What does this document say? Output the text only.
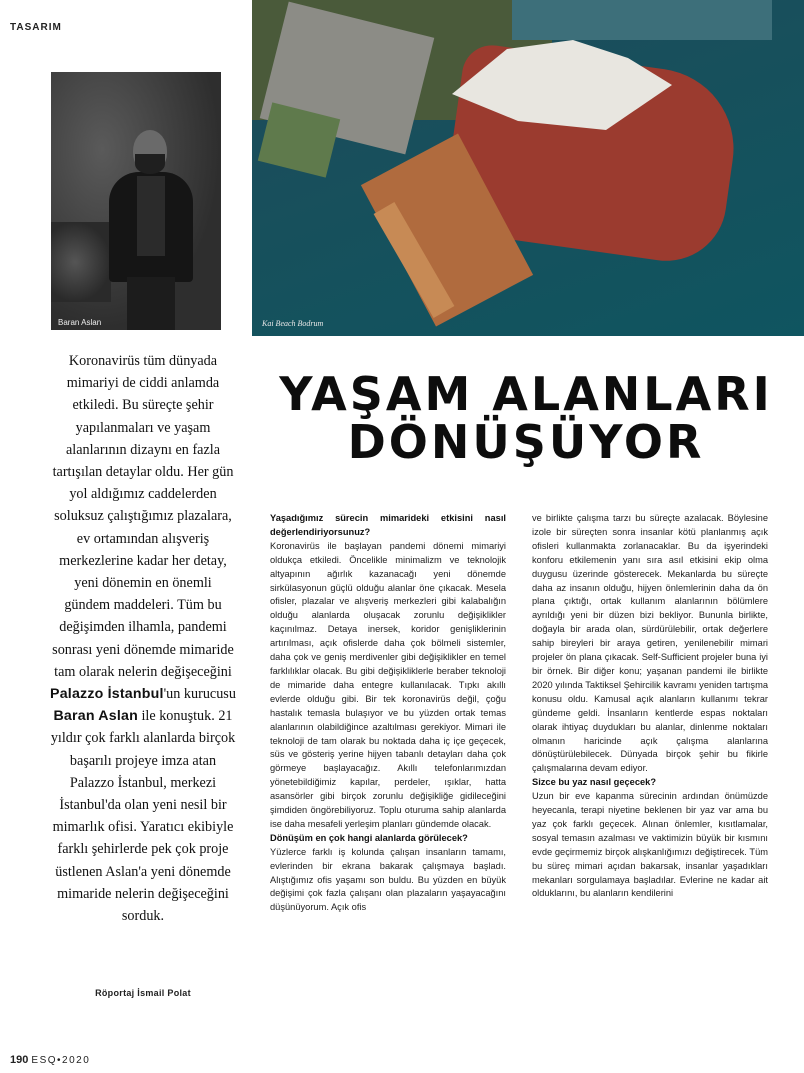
TASARIM
Baran Aslan	Kai Beach Bodrum
Koronavirüs tüm dünyada mimariyi de ciddi anlamda etkiledi. Bu süreçte şehir yapılanmaları ve yaşam alanlarının dizaynı en fazla tartışılan detaylar oldu. Her gün yol aldığımız caddelerden soluksuz çalıştığımız plazalara, ev ortamından alışveriş merkezlerine kadar her detay, yeni dönemin en önemli gündem maddeleri. Tüm bu değişimden ilhamla, pandemi sonrası yeni dönemde mimaride tam olarak nelerin değişeceğini Palazzo İstanbul'un kurucusu Baran Aslan ile konuştuk. 21 yıldır çok farklı alanlarda birçok başarılı projeye imza atan Palazzo İstanbul, merkezi İstanbul'da olan yeni nesil bir mimarlık ofisi. Yaratıcı ekibiyle farklı şehirlerde pek çok proje üstlenen Aslan'a yeni dönemde mimaride nelerin değişeceğini sorduk.
Röportaj İsmail Polat
190 ESQ•2020
YAŞAM ALANLARI
DÖNÜŞÜYOR

Yaşadığımız sürecin mimarideki etkisini nasıl değerlendiriyorsunuz?

Koronavirüs ile başlayan pandemi dönemi mimariyi oldukça etkiledi. Öncelikle minimalizm ve teknolojik altyapının ağırlık kazanacağı yeni dönemde sirkülasyonun güçlü olduğu alanlar öne çıkacak. Mesela ofisler, plazalar ve alışveriş merkezleri gibi kalabalığın olduğu alanlarda oluşacak zorunlu değişiklikler kaçınılmaz. Detaya inersek, koridor genişliklerinin artırılması, açık ofislerde daha çok bölmeli sistemler, daha çok ve geniş merdivenler gibi değişiklikler en temel farklılıklar olacak. Bu gibi değişikliklerle beraber teknoloji de mimaride daha entegre kullanılacak. Tıpkı akıllı evlerde olduğu gibi. Bir tek koronavirüs değil, çoğu hastalık temasla bulaşıyor ve bu yüzden ortak temas alanlarının olabildiğince azaltılması gerekiyor. Mimari ile teknoloji de tam olarak bu noktada daha iç içe geçecek, süs ve gösteriş yerine hijyen tabanlı detayları daha çok görmeye başlayacağız. Akıllı telefonlarımızdan yönetebildiğimiz kapılar, perdeler, ışıklar, hatta asansörler gibi birçok zorunlu değişikliğe gidileceğini şimdiden öngörebiliyoruz. Toplu oturuma sahip alanlarda ise daha mesafeli yerleşim planları gündemde olacak.

Dönüşüm en çok hangi alanlarda görülecek?

Yüzlerce farklı iş kolunda çalışan insanların tamamı, evlerinden bir ekrana bakarak çalışmaya başladı. Alıştığımız ofis yaşamı son buldu. Bu yüzden en büyük değişimi çok fazla çalışanı olan plazaların yaşayacağını düşünüyorum. Açık ofis

ve birlikte çalışma tarzı bu süreçte azalacak. Böylesine izole bir süreçten sonra insanlar kötü planlanmış açık ofisleri kullanmakta zorlanacaklar. Bu da işyerindeki konforu etkilemenin yanı sıra asıl etkisini ekip olma duygusu üzerinde gösterecek. Mekanlarda bu süreçte daha az insanın olduğu, hijyen önlemlerinin daha da ön plana çıktığı, ortak kullanım alanlarının bölümlere ayrıldığı yeni bir düzen bizi bekliyor. Bununla birlikte, doğayla bir arada olan, sürdürülebilir, ortak değerlere sahip bireyleri bir araya getiren, yenilenebilir mimari projeler ön plana çıkacak. Self-Sufficient projeler buna iyi bir örnek. Bir diğer konu; yaşanan pandemi ile birlikte 2020 yılında Taktiksel Şehircilik kavramı yeniden tartışma konusu oldu. Kamusal açık alanların kullanımı tekrar gündeme geldi. İnsanların kentlerde espas noktaları olarak ihtiyaç duydukları bu alanlar, dinlenme noktaları olmanın haricinde açık çalışma alanlarına dönüştürülebilecek. Dünyada birçok şehir bu fikirle çalışmalarına devam ediyor.

Sizce bu yaz nasıl geçecek?

Uzun bir eve kapanma sürecinin ardından önümüzde heyecanla, terapi niyetine beklenen bir yaz var ama bu yaz çok farklı geçecek. Alınan önlemler, kısıtlamalar, sosyal temasın azalması ve vaktimizin büyük bir kısmını evde geçirmemiz birçok alışkanlığımızı değiştirecek. Tüm bu süreç mimari açıdan bakarsak, insanlar yaşadıkları mekanları sorgulamaya başladılar. Evlerine ne kadar ait olduklarını, bu alanların kendilerini
